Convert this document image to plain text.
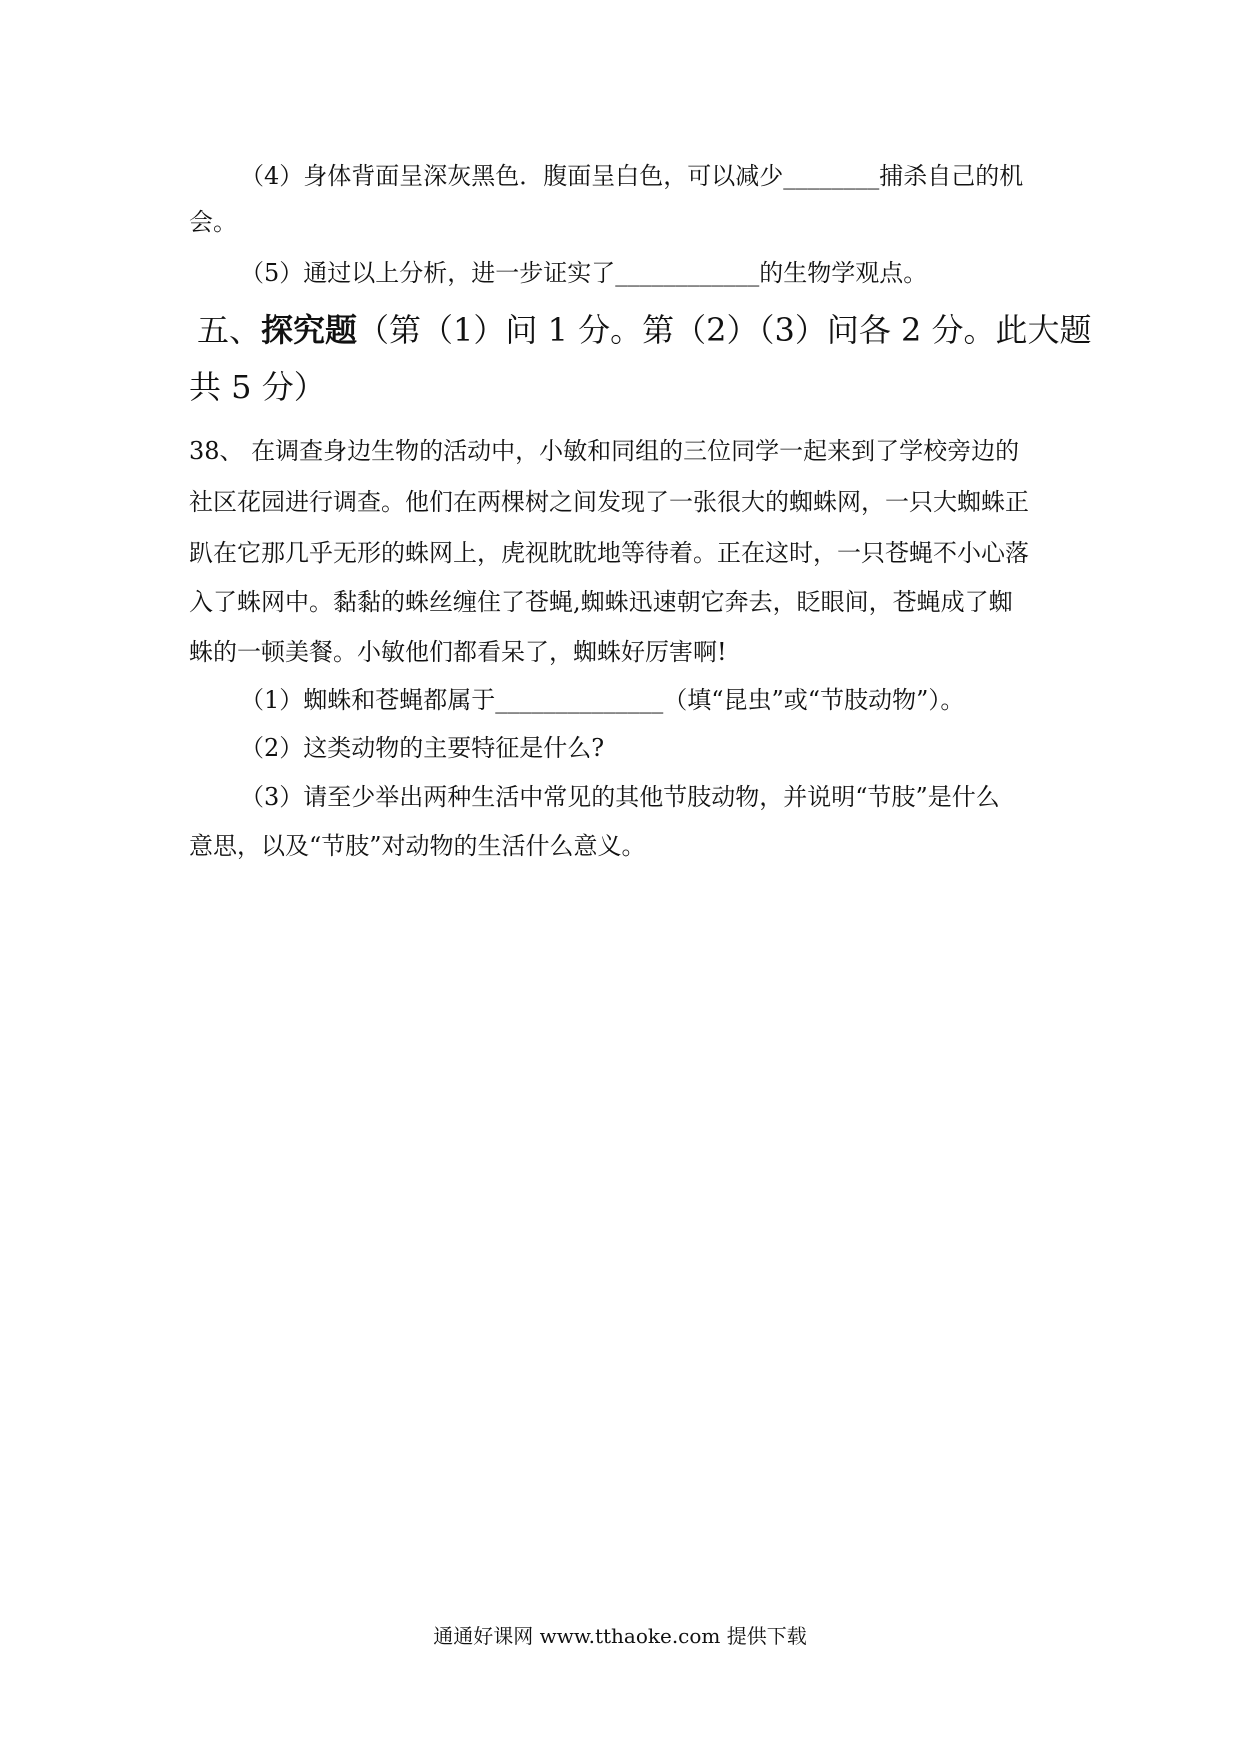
（4）身体背面呈深灰黑色．腹面呈白色，可以减少________捕杀自己的机
会。
（5）通过以上分析，进一步证实了____________的生物学观点。
五、探究题（第（1）问 1 分。第（2）（3）问各 2 分。此大题
共 5 分）
38、 在调查身边生物的活动中，小敏和同组的三位同学一起来到了学校旁边的
社区花园进行调查。他们在两棵树之间发现了一张很大的蜘蛛网，一只大蜘蛛正
趴在它那几乎无形的蛛网上，虎视眈眈地等待着。正在这时，一只苍蝇不小心落
入了蛛网中。黏黏的蛛丝缠住了苍蝇,蜘蛛迅速朝它奔去，眨眼间，苍蝇成了蜘
蛛的一顿美餐。小敏他们都看呆了，蜘蛛好厉害啊!
（1）蜘蛛和苍蝇都属于______________（填“昆虫”或“节肢动物”）。
（2）这类动物的主要特征是什么?
（3）请至少举出两种生活中常见的其他节肢动物，并说明“节肢”是什么
意思，以及“节肢”对动物的生活什么意义。
通通好课网 www.tthaoke.com 提供下载
